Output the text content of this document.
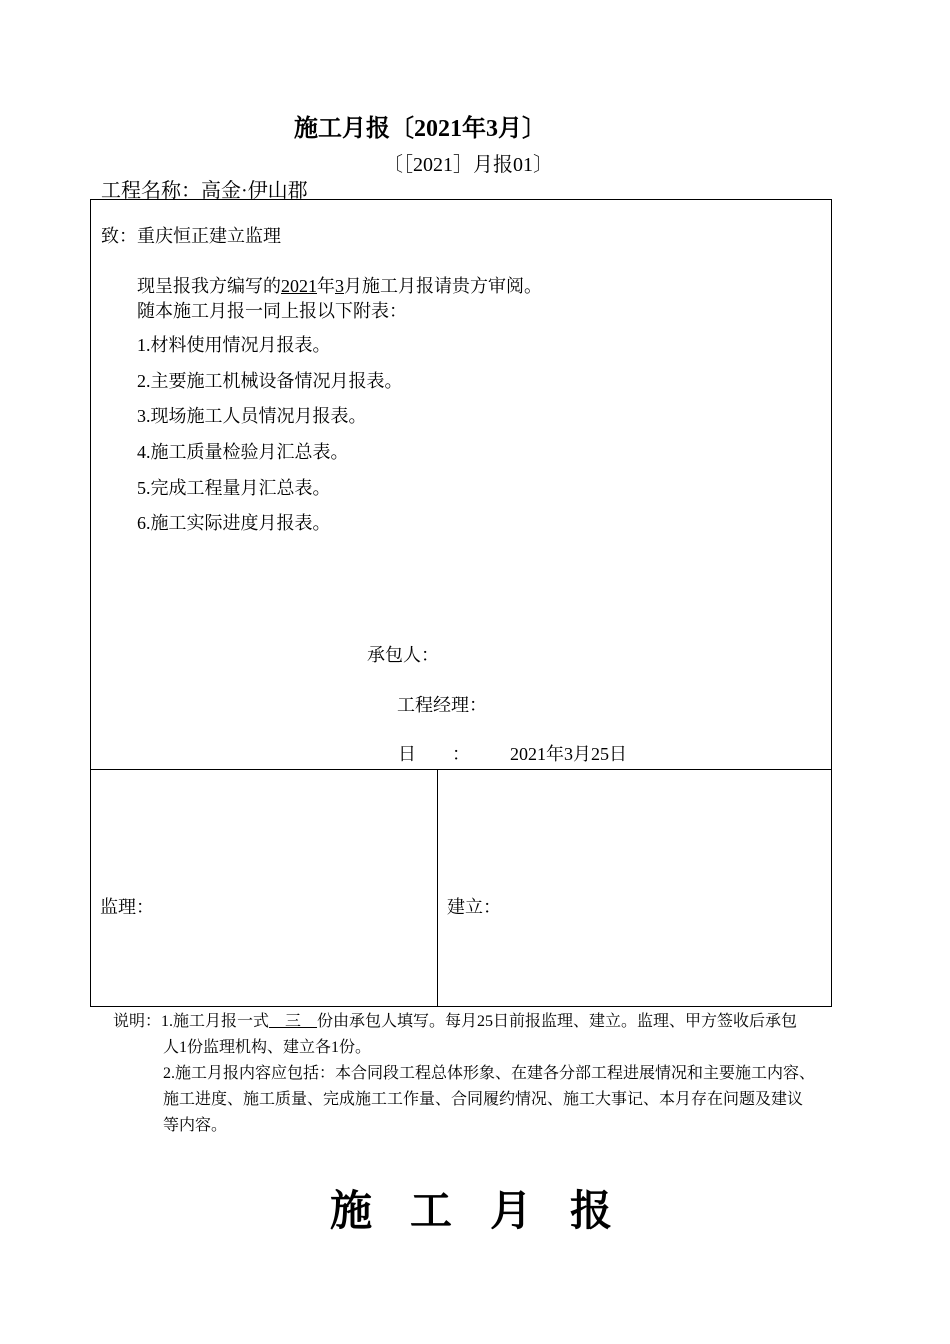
施工月报〔2021年3月〕
〔［2021］月报01〕
工程名称：高金·伊山郡
致：重庆恒正建立监理
现呈报我方编写的2021年3月施工月报请贵方审阅。
随本施工月报一同上报以下附表：
1.材料使用情况月报表。
2.主要施工机械设备情况月报表。
3.现场施工人员情况月报表。
4.施工质量检验月汇总表。
5.完成工程量月汇总表。
6.施工实际进度月报表。
承包人：
工程经理：
日　　： 2021年3月25日
监理：	建立：
说明：1.施工月报一式　三　份由承包人填写。每月25日前报监理、建立。监理、甲方签收后承包
人1份监理机构、建立各1份。
2.施工月报内容应包括：本合同段工程总体形象、在建各分部工程进展情况和主要施工内容、
施工进度、施工质量、完成施工工作量、合同履约情况、施工大事记、本月存在问题及建议
等内容。
施工月报
